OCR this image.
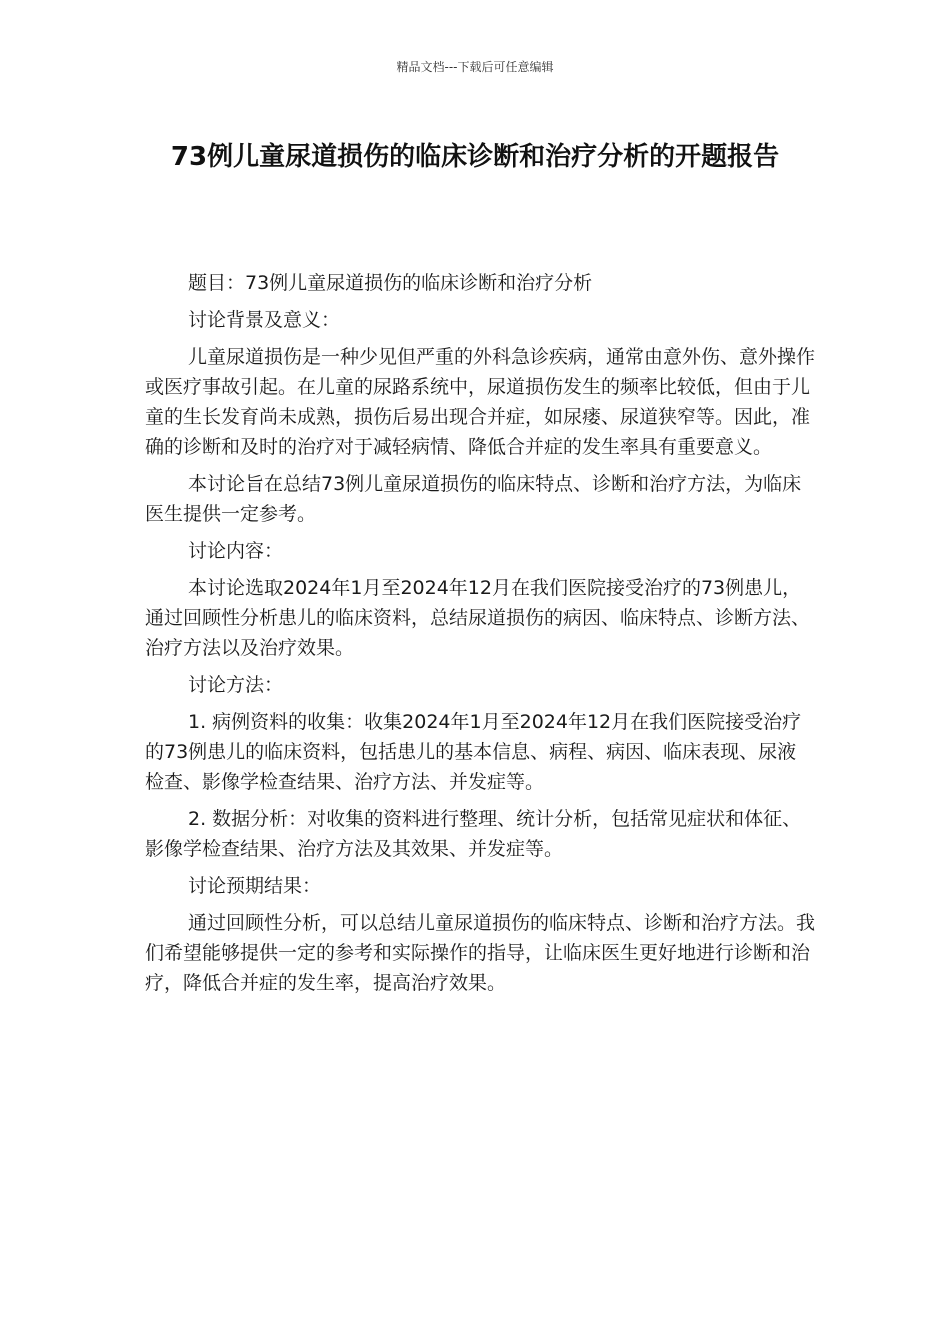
精品文档---下载后可任意编辑
73例儿童尿道损伤的临床诊断和治疗分析的开题报告

题目：73例儿童尿道损伤的临床诊断和治疗分析

讨论背景及意义：

儿童尿道损伤是一种少见但严重的外科急诊疾病，通常由意外伤、意外操作或医疗事故引起。在儿童的尿路系统中，尿道损伤发生的频率比较低，但由于儿童的生长发育尚未成熟，损伤后易出现合并症，如尿瘘、尿道狭窄等。因此，准确的诊断和及时的治疗对于减轻病情、降低合并症的发生率具有重要意义。

本讨论旨在总结73例儿童尿道损伤的临床特点、诊断和治疗方法，为临床医生提供一定参考。

讨论内容：

本讨论选取2024年1月至2024年12月在我们医院接受治疗的73例患儿，通过回顾性分析患儿的临床资料，总结尿道损伤的病因、临床特点、诊断方法、治疗方法以及治疗效果。

讨论方法：

1. 病例资料的收集：收集2024年1月至2024年12月在我们医院接受治疗的73例患儿的临床资料，包括患儿的基本信息、病程、病因、临床表现、尿液检查、影像学检查结果、治疗方法、并发症等。

2. 数据分析：对收集的资料进行整理、统计分析，包括常见症状和体征、影像学检查结果、治疗方法及其效果、并发症等。

讨论预期结果：

通过回顾性分析，可以总结儿童尿道损伤的临床特点、诊断和治疗方法。我们希望能够提供一定的参考和实际操作的指导，让临床医生更好地进行诊断和治疗，降低合并症的发生率，提高治疗效果。
